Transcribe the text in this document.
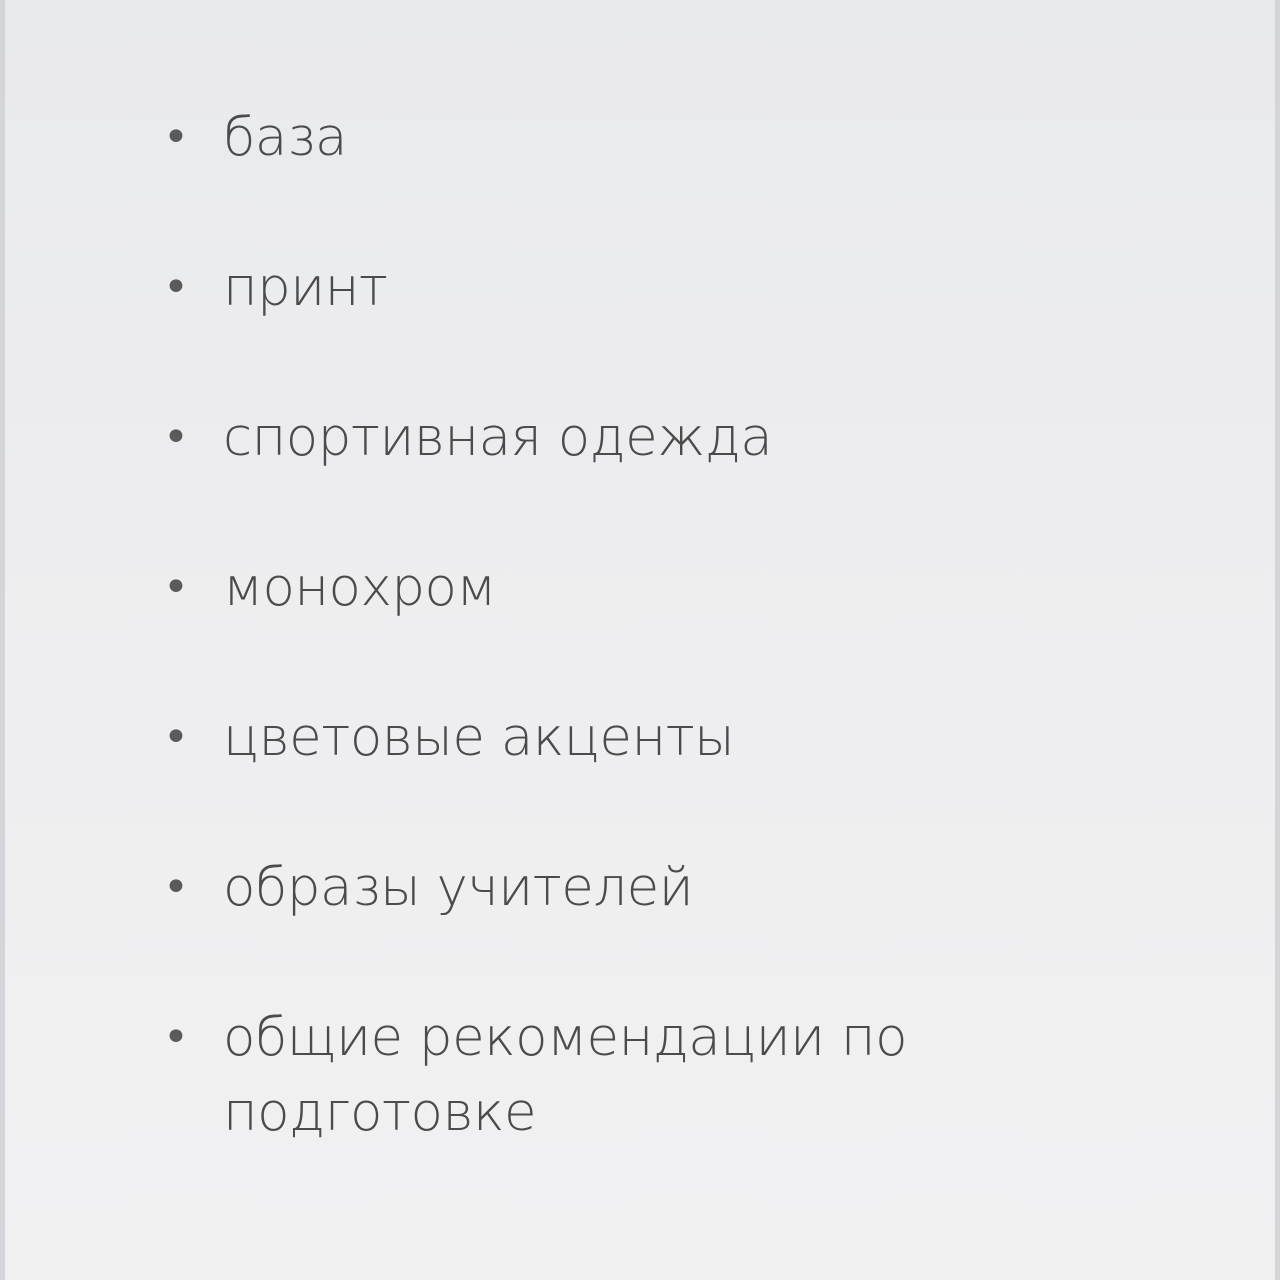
• база
• принт
• спортивная одежда
• монохром
• цветовые акценты
• образы учителей
• общие рекомендации по подготовке
